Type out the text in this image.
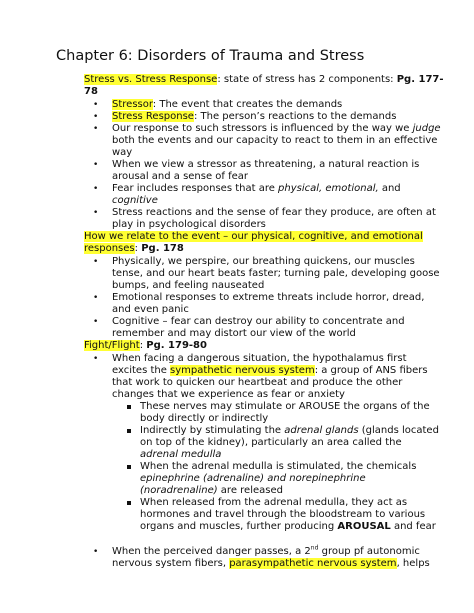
Chapter 6: Disorders of Trauma and Stress
Stress vs. Stress Response: state of stress has 2 components: Pg. 177-
78
• Stressor: The event that creates the demands
• Stress Response: The person’s reactions to the demands
• Our response to such stressors is influenced by the way we judge
both the events and our capacity to react to them in an effective
way
• When we view a stressor as threatening, a natural reaction is
arousal and a sense of fear
• Fear includes responses that are physical, emotional, and
cognitive
• Stress reactions and the sense of fear they produce, are often at
play in psychological disorders
How we relate to the event – our physical, cognitive, and emotional
responses: Pg. 178
• Physically, we perspire, our breathing quickens, our muscles
tense, and our heart beats faster; turning pale, developing goose
bumps, and feeling nauseated
• Emotional responses to extreme threats include horror, dread,
and even panic
• Cognitive – fear can destroy our ability to concentrate and
remember and may distort our view of the world
Fight/Flight: Pg. 179-80
• When facing a dangerous situation, the hypothalamus first
excites the sympathetic nervous system: a group of ANS fibers
that work to quicken our heartbeat and produce the other
changes that we experience as fear or anxiety
These nerves may stimulate or AROUSE the organs of the
body directly or indirectly
Indirectly by stimulating the adrenal glands (glands located
on top of the kidney), particularly an area called the
adrenal medulla
When the adrenal medulla is stimulated, the chemicals
epinephrine (adrenaline) and norepinephrine
(noradrenaline) are released
When released from the adrenal medulla, they act as
hormones and travel through the bloodstream to various
organs and muscles, further producing AROUSAL and fear
• When the perceived danger passes, a 2nd group pf autonomic
nervous system fibers, parasympathetic nervous system, helps
